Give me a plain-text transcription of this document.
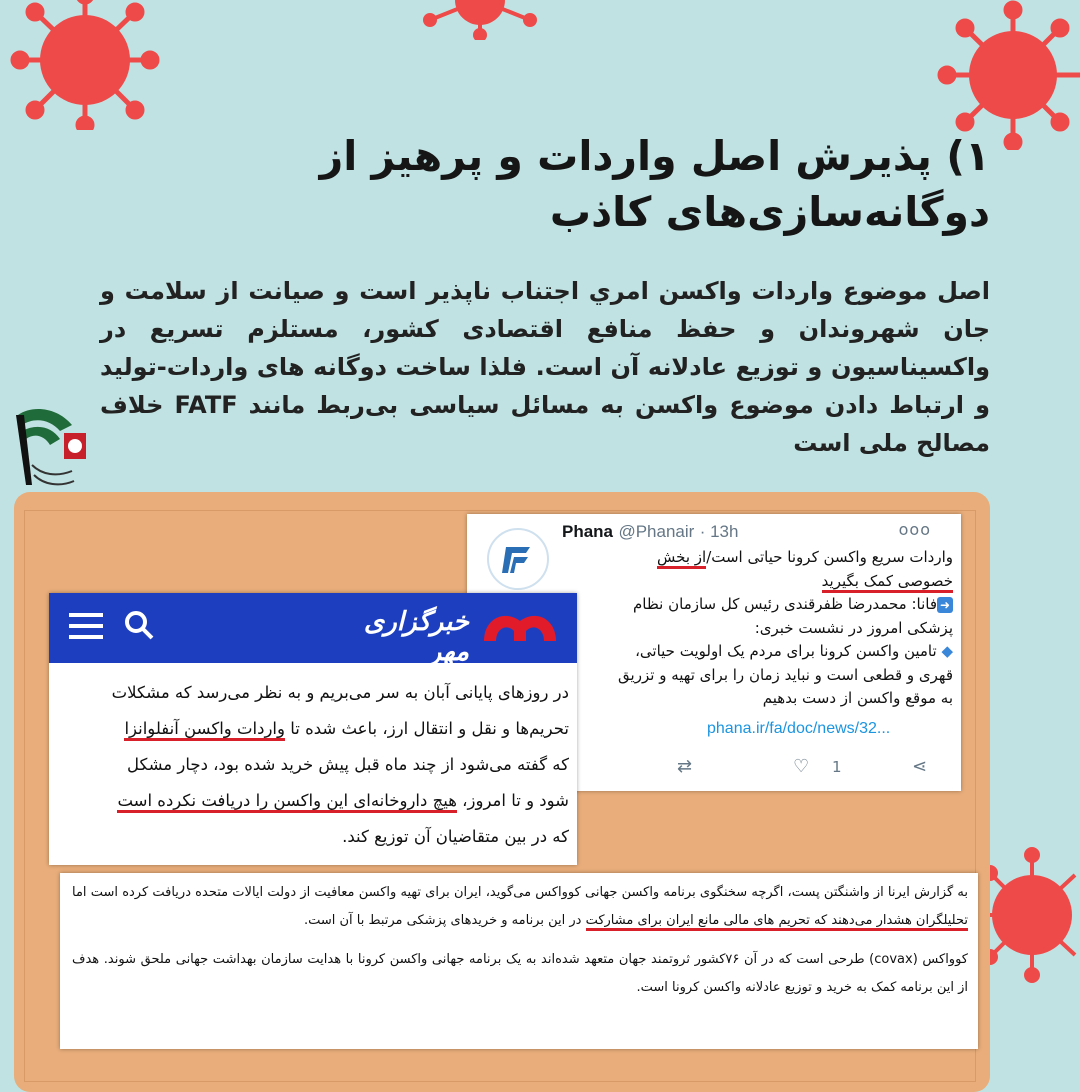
۱) پذیرش اصل واردات و پرهیز از دوگانه‌سازی‌های کاذب
اصل موضوع واردات واکسن امري اجتناب ناپذير است و صيانت از سلامت و جان شهروندان و حفظ منافع اقتصادی کشور، مستلزم تسریع در واکسیناسیون و توزیع عادلانه آن است. فلذا ساخت دوگانه های واردات-تولید و ارتباط دادن موضوع واکسن به مسائل سیاسی بی‌ربط مانند FATF خلاف مصالح ملی است
Phana @Phanair · 13h	ooo
واردات سریع واکسن کرونا حیاتی است/از بخش
خصوصی کمک بگیرید
➜فانا: محمدرضا ظفرقندی رئیس کل سازمان نظام
پزشکی امروز در نشست خبری:
◆ تامین واکسن کرونا برای مردم یک اولویت حیاتی،
قهری و قطعی است و نباید زمان را برای تهیه و تزریق
به موقع واکسن از دست بدهیم
phana.ir/fa/doc/news/32...
⇄	♡ 1	⋖
خبرگزاری مهر
در روزهای پایانی آبان به سر می‌بریم و به نظر می‌رسد که مشکلات
تحریم‌ها و نقل و انتقال ارز، باعث شده تا واردات واکسن آنفلوانزا
که گفته می‌شود از چند ماه قبل پیش خرید شده بود، دچار مشکل
شود و تا امروز، هیچ داروخانه‌ای این واکسن را دریافت نکرده است
که در بین متقاضیان آن توزیع کند.

به گزارش ایرنا از واشنگتن پست، اگرچه سخنگوی برنامه واکسن جهانی کوواکس می‌گوید، ایران برای تهیه واکسن معافیت از دولت ایالات متحده دریافت کرده است اما تحلیلگران هشدار می‌دهند که تحریم های مالی مانع ایران برای مشارکت در این برنامه و خریدهای پزشکی مرتبط با آن است.

کوواکس (covax) طرحی است که در آن ۷۶کشور ثروتمند جهان متعهد شده‌اند به یک برنامه جهانی واکسن کرونا با هدایت سازمان بهداشت جهانی ملحق شوند. هدف از این برنامه کمک به خرید و توزیع عادلانه واکسن کرونا است.
